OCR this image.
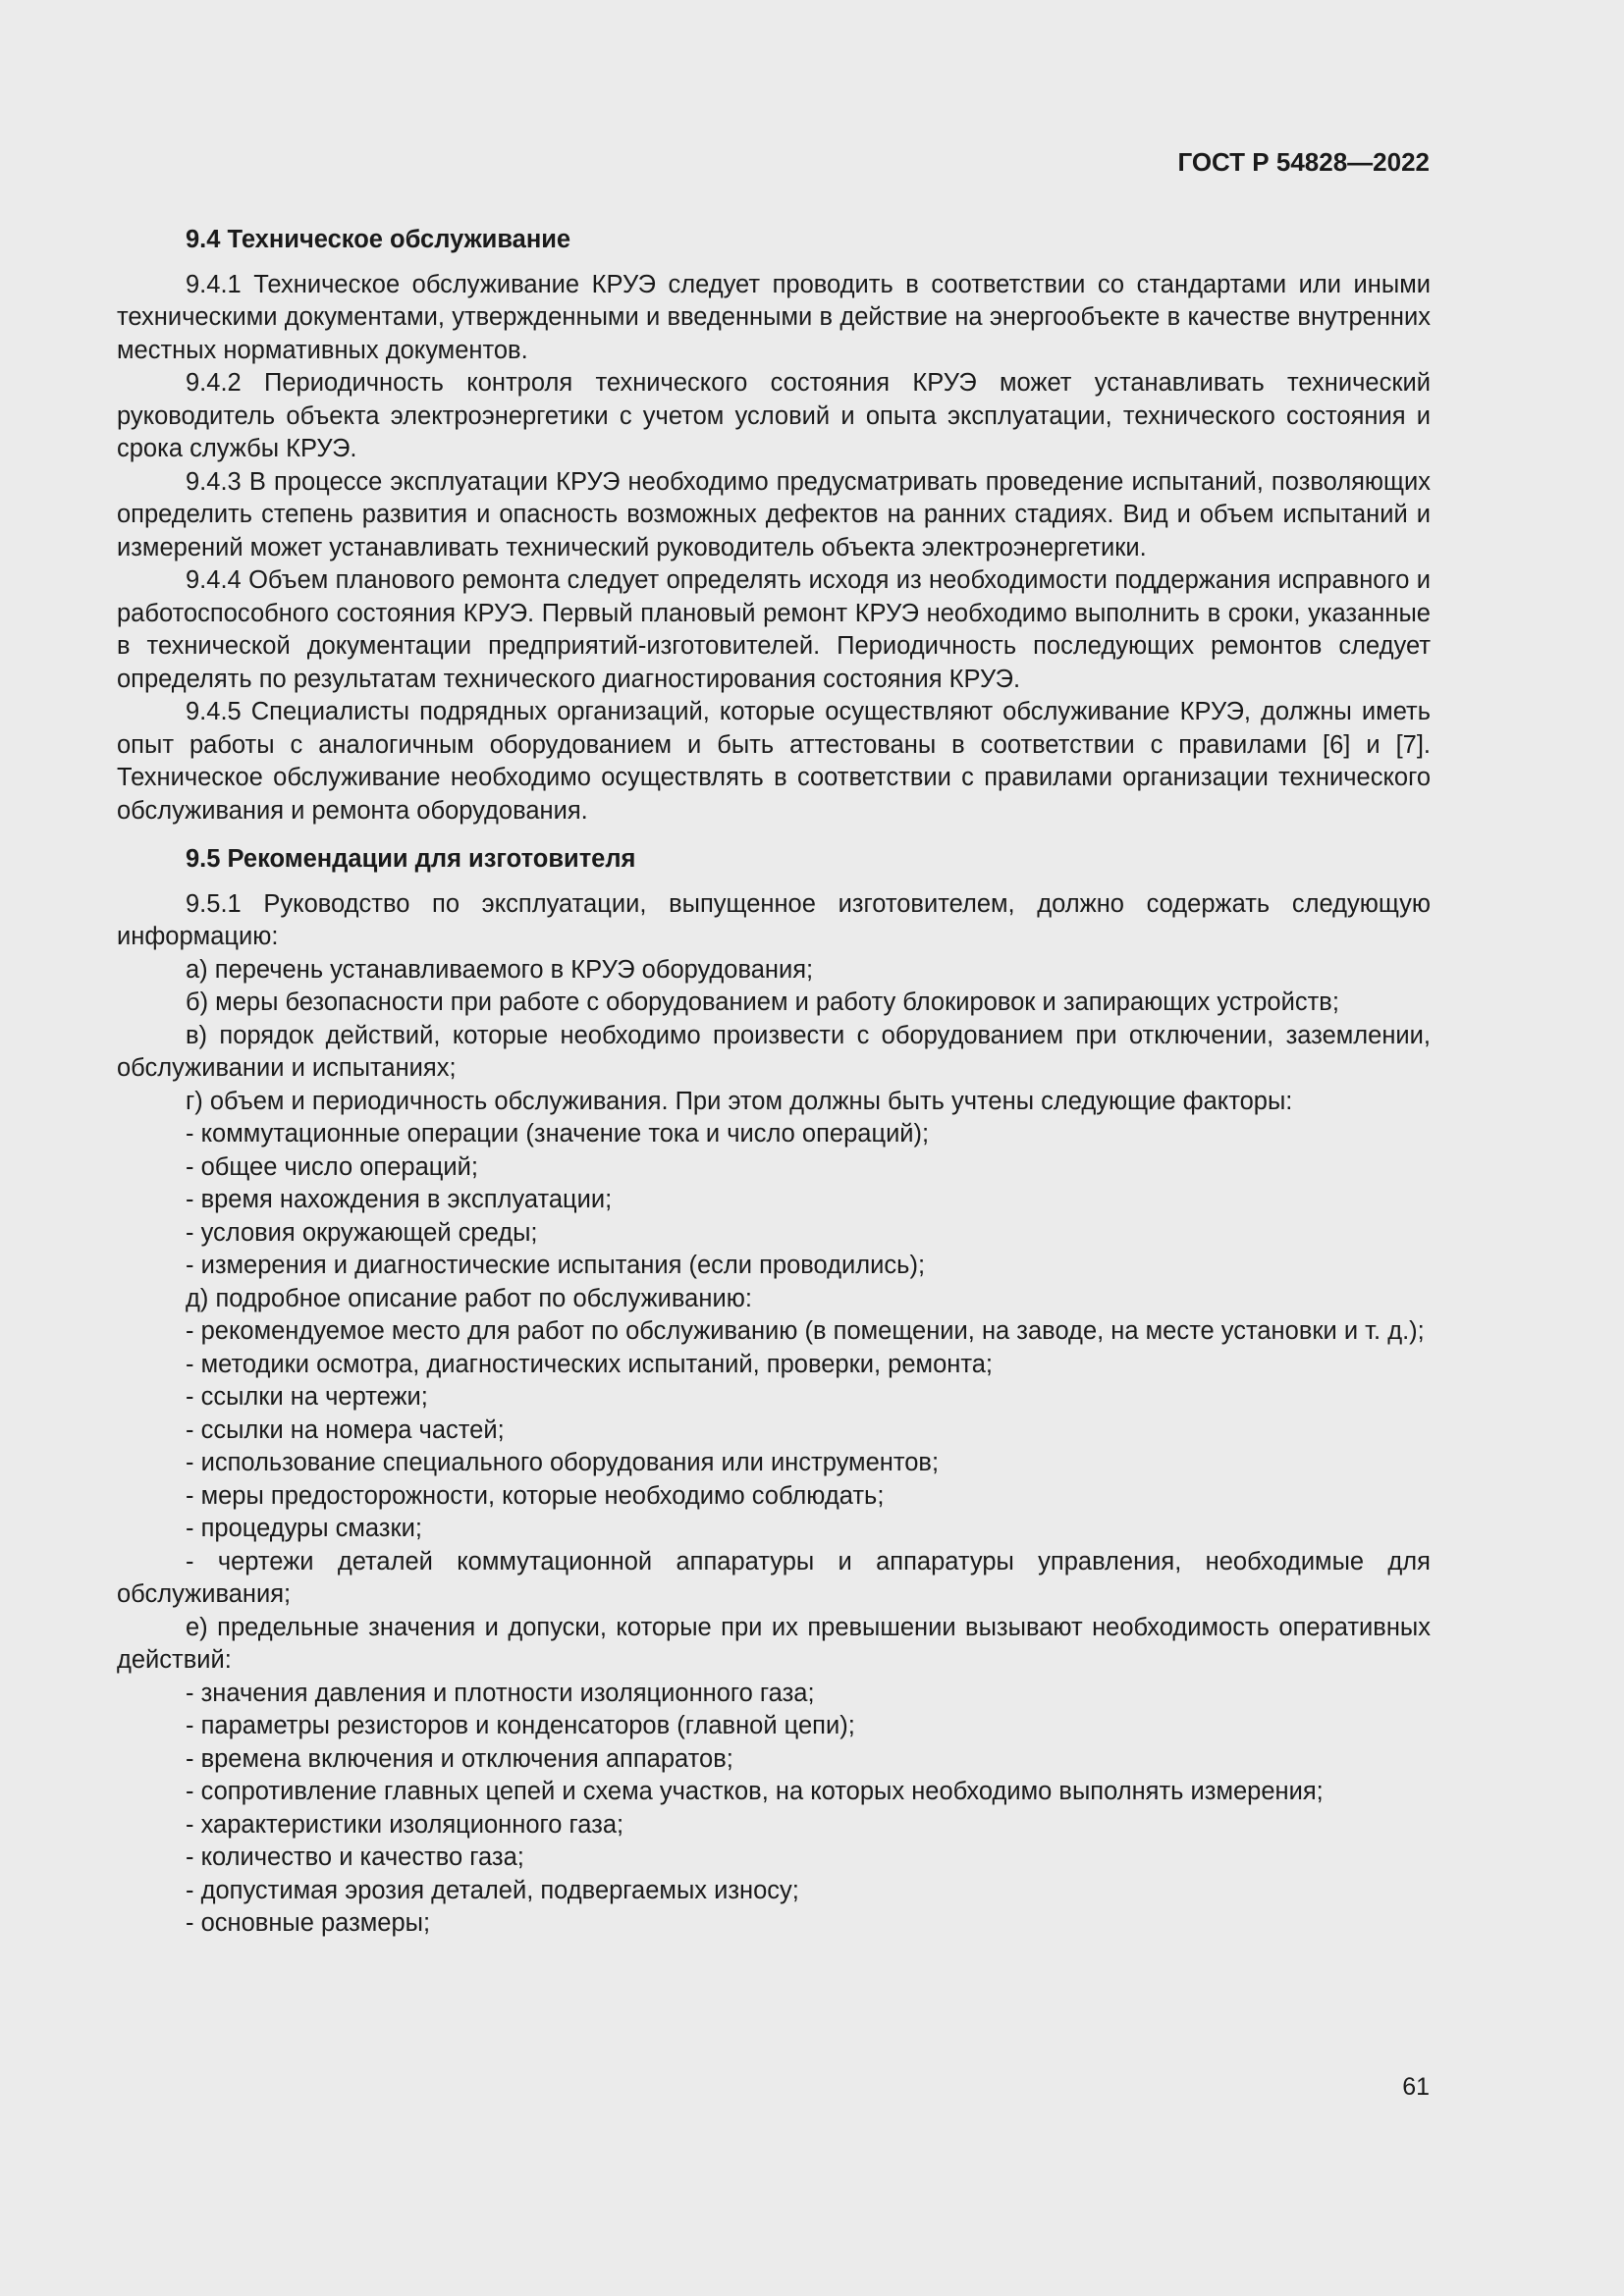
ГОСТ Р 54828—2022
9.4 Техническое обслуживание

9.4.1 Техническое обслуживание КРУЭ следует проводить в соответствии со стандартами или иными техническими документами, утвержденными и введенными в действие на энергообъекте в качестве внутренних местных нормативных документов.

9.4.2 Периодичность контроля технического состояния КРУЭ может устанавливать технический руководитель объекта электроэнергетики с учетом условий и опыта эксплуатации, технического состояния и срока службы КРУЭ.

9.4.3 В процессе эксплуатации КРУЭ необходимо предусматривать проведение испытаний, позволяющих определить степень развития и опасность возможных дефектов на ранних стадиях. Вид и объем испытаний и измерений может устанавливать технический руководитель объекта электроэнергетики.

9.4.4 Объем планового ремонта следует определять исходя из необходимости поддержания исправного и работоспособного состояния КРУЭ. Первый плановый ремонт КРУЭ необходимо выполнить в сроки, указанные в технической документации предприятий-изготовителей. Периодичность последующих ремонтов следует определять по результатам технического диагностирования состояния КРУЭ.

9.4.5 Специалисты подрядных организаций, которые осуществляют обслуживание КРУЭ, должны иметь опыт работы с аналогичным оборудованием и быть аттестованы в соответствии с правилами [6] и [7]. Техническое обслуживание необходимо осуществлять в соответствии с правилами организации технического обслуживания и ремонта оборудования.

9.5 Рекомендации для изготовителя

9.5.1 Руководство по эксплуатации, выпущенное изготовителем, должно содержать следующую информацию:

а) перечень устанавливаемого в КРУЭ оборудования;

б) меры безопасности при работе с оборудованием и работу блокировок и запирающих устройств;

в) порядок действий, которые необходимо произвести с оборудованием при отключении, заземлении, обслуживании и испытаниях;

г) объем и периодичность обслуживания. При этом должны быть учтены следующие факторы:

- коммутационные операции (значение тока и число операций);

- общее число операций;

- время нахождения в эксплуатации;

- условия окружающей среды;

- измерения и диагностические испытания (если проводились);

д) подробное описание работ по обслуживанию:

- рекомендуемое место для работ по обслуживанию (в помещении, на заводе, на месте установки и т. д.);

- методики осмотра, диагностических испытаний, проверки, ремонта;

- ссылки на чертежи;

- ссылки на номера частей;

- использование специального оборудования или инструментов;

- меры предосторожности, которые необходимо соблюдать;

- процедуры смазки;

- чертежи деталей коммутационной аппаратуры и аппаратуры управления, необходимые для обслуживания;

е) предельные значения и допуски, которые при их превышении вызывают необходимость оперативных действий:

- значения давления и плотности изоляционного газа;

- параметры резисторов и конденсаторов (главной цепи);

- времена включения и отключения аппаратов;

- сопротивление главных цепей и схема участков, на которых необходимо выполнять измерения;

- характеристики изоляционного газа;

- количество и качество газа;

- допустимая эрозия деталей, подвергаемых износу;

- основные размеры;

61
